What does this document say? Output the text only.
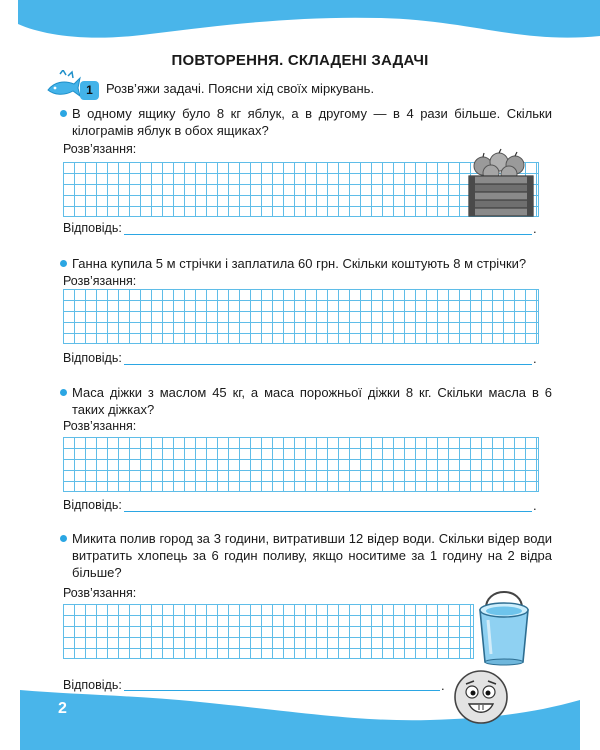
ПОВТОРЕННЯ. СКЛАДЕНІ ЗАДАЧІ
1	Розв’яжи задачі. Поясни хід своїх міркувань.
В одному ящику було 8 кг яблук, а в другому — в 4 рази більше. Скільки кілограмів яблук в обох ящиках?
Розв’язання:
Відповідь:	.
Ганна купила 5 м стрічки і заплатила 60 грн. Скільки коштують 8 м стрічки?
Розв’язання:
Відповідь:	.
Маса діжки з маслом 45 кг, а маса порожньої діжки 8 кг. Скільки масла в 6 таких діжках?
Розв’язання:
Відповідь:	.
Микита полив город за 3 години, витративши 12 відер води. Скільки відер води витратить хлопець за 6 годин поливу, якщо носитиме за 1 годину на 2 відра більше?
Розв’язання:
Відповідь:	.
2
